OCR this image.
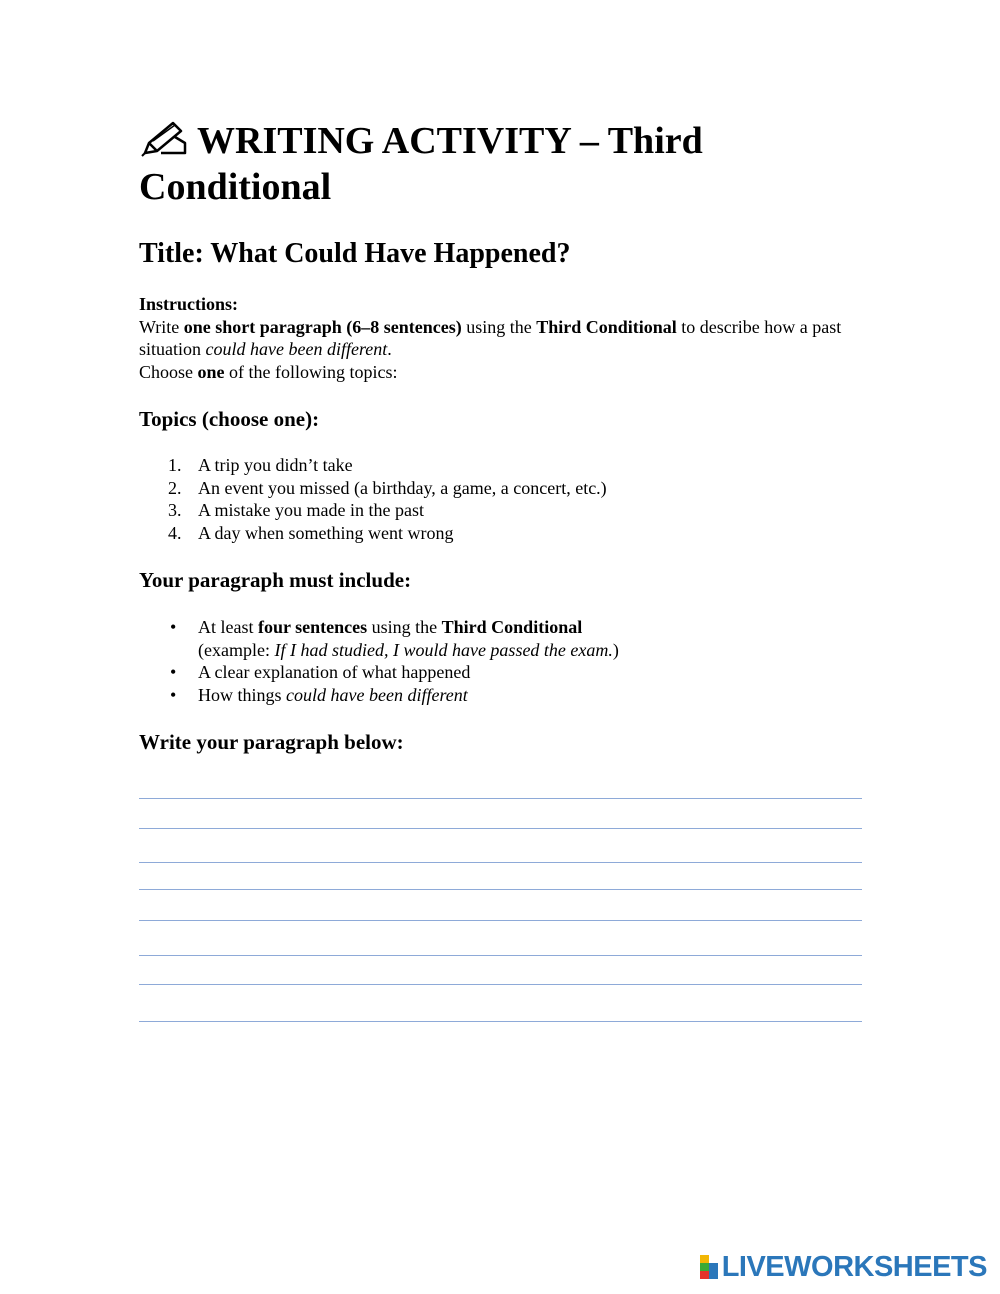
WRITING ACTIVITY – Third
Conditional
Title: What Could Have Happened?
Instructions:
Write one short paragraph (6–8 sentences) using the Third Conditional to describe how a past situation could have been different.
Choose one of the following topics:
Topics (choose one):
1. A trip you didn’t take
2. An event you missed (a birthday, a game, a concert, etc.)
3. A mistake you made in the past
4. A day when something went wrong
Your paragraph must include:
• At least four sentences using the Third Conditional
(example: If I had studied, I would have passed the exam.)
• A clear explanation of what happened
• How things could have been different
Write your paragraph below:
LIVEWORKSHEETS
